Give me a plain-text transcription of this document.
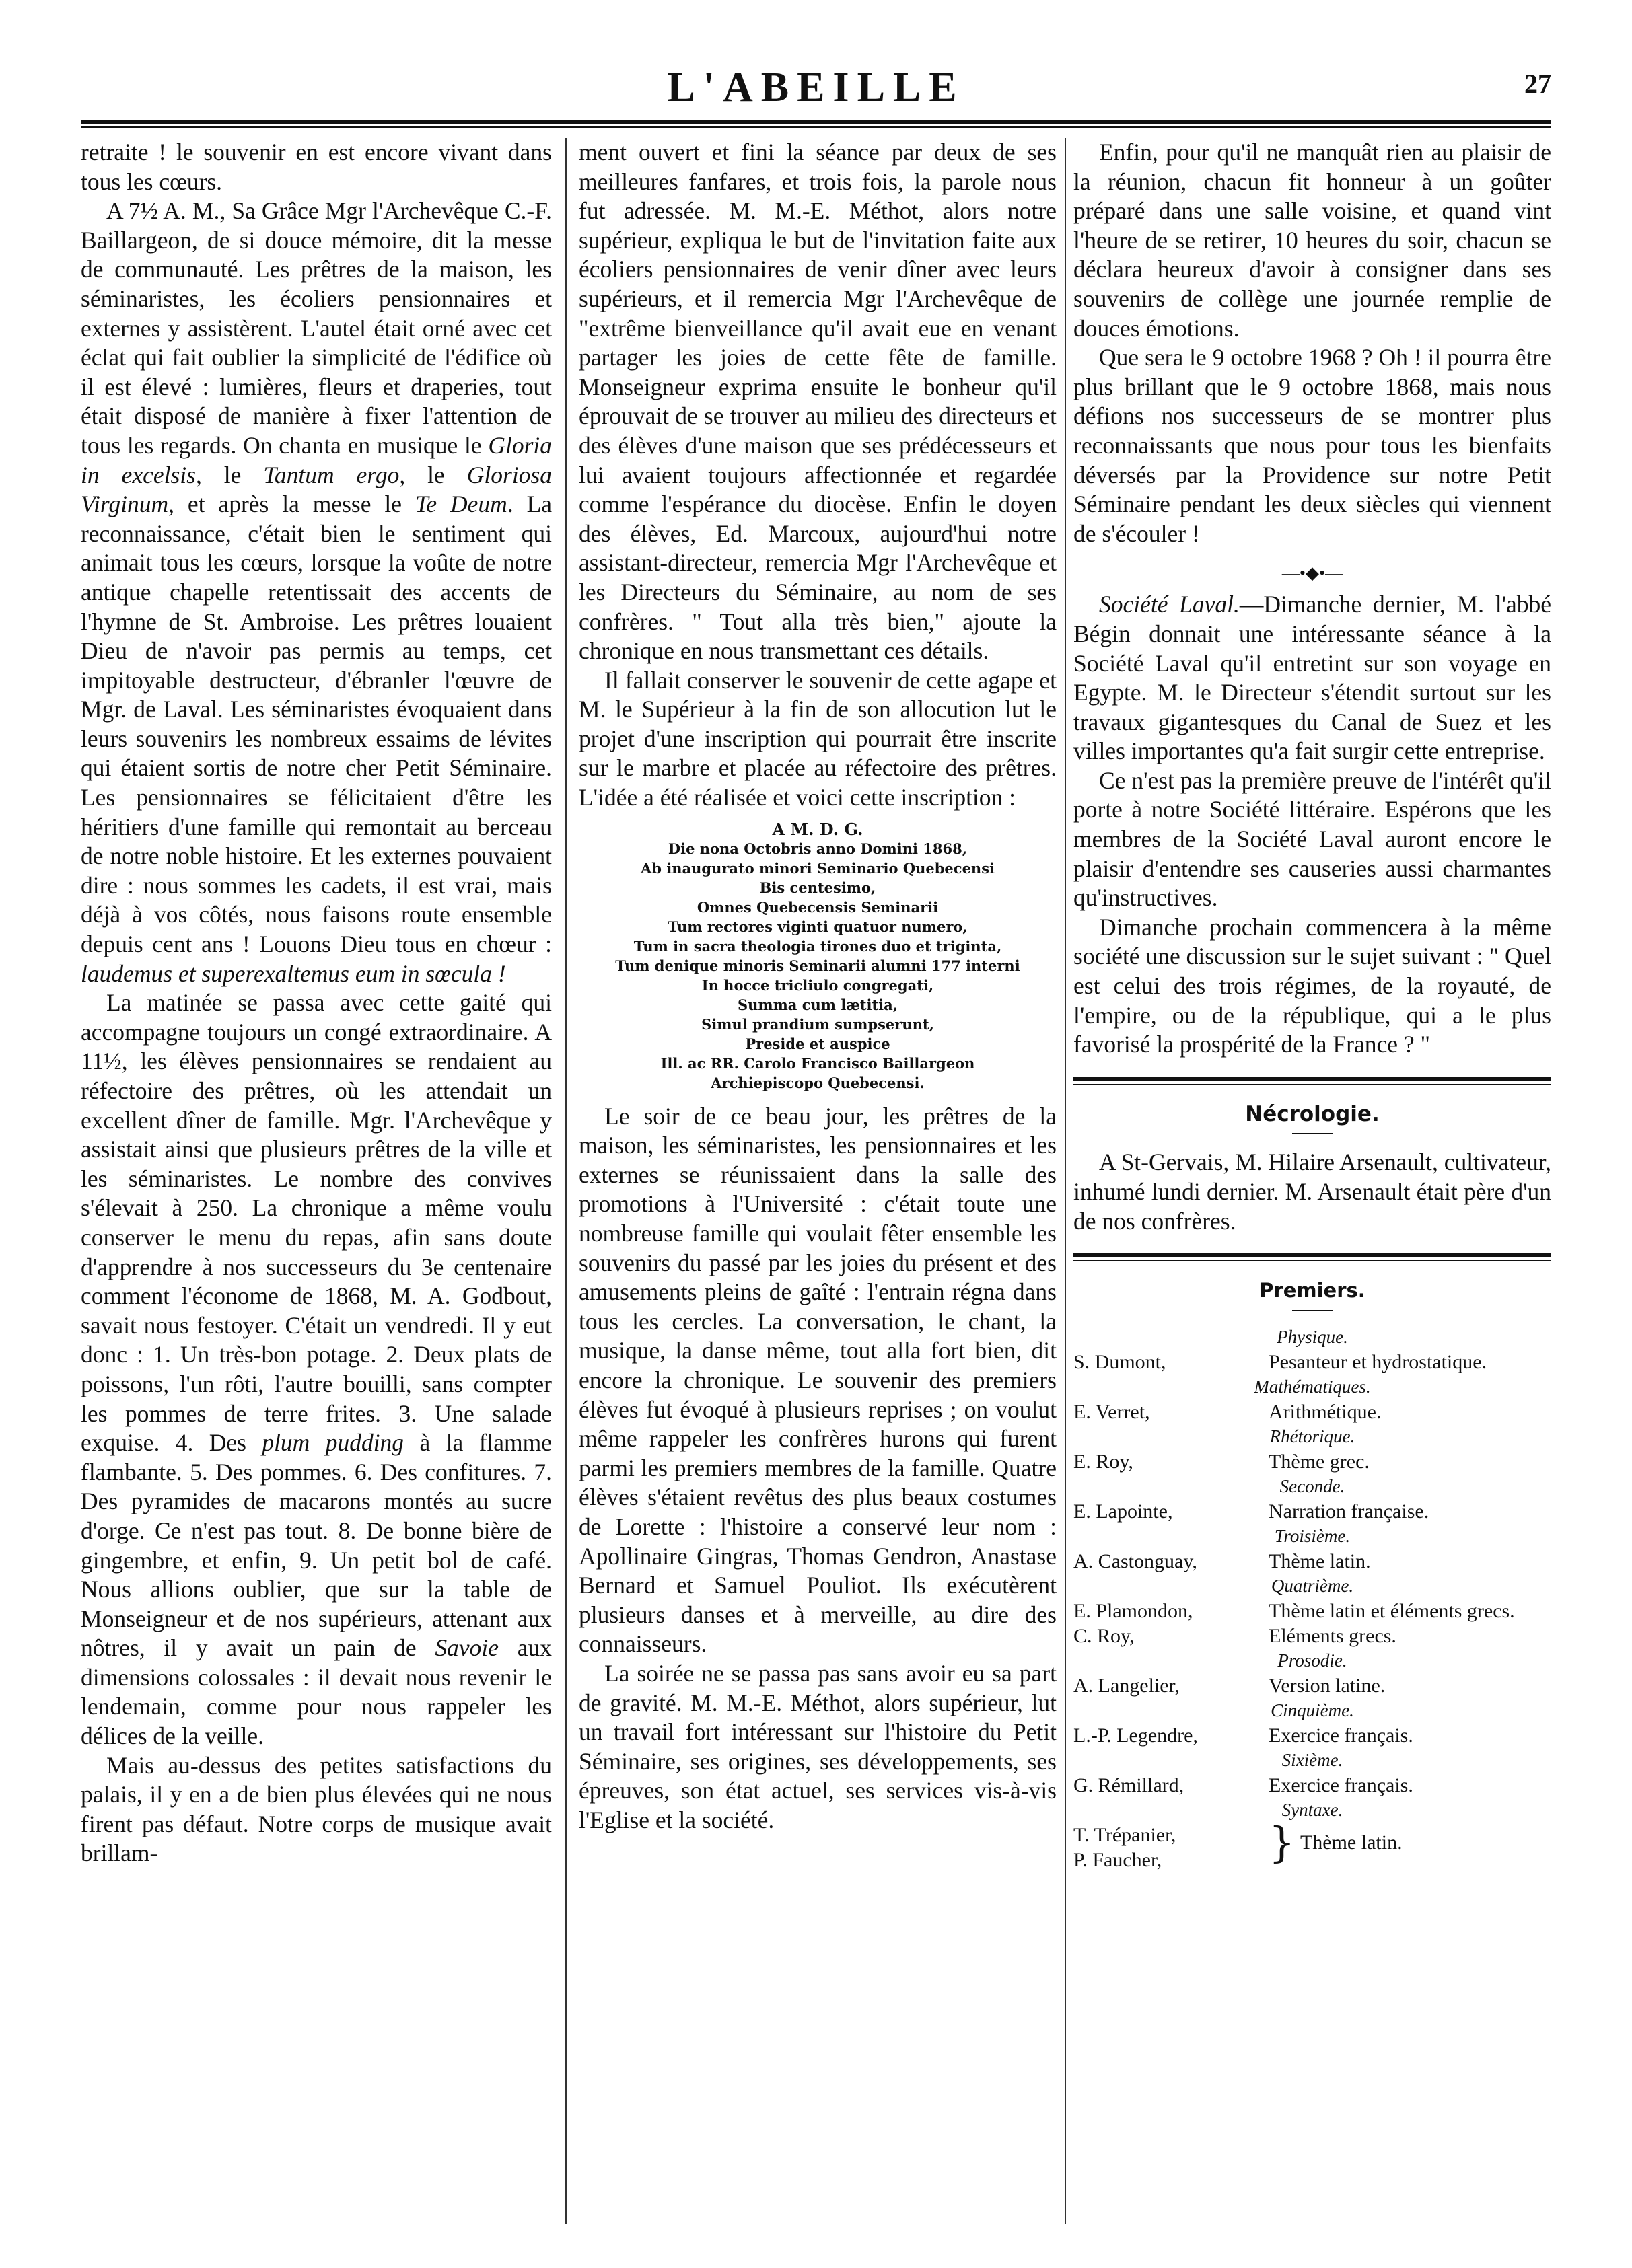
L'ABEILLE	27

retraite ! le souvenir en est encore vivant dans tous les cœurs.

A 7½ A. M., Sa Grâce Mgr l'Archevêque C.-F. Baillargeon, de si douce mémoire, dit la messe de communauté. Les prêtres de la maison, les séminaristes, les écoliers pensionnaires et externes y assistèrent. L'autel était orné avec cet éclat qui fait oublier la simplicité de l'édifice où il est élevé : lumières, fleurs et draperies, tout était disposé de manière à fixer l'attention de tous les regards. On chanta en musique le Gloria in excelsis, le Tantum ergo, le Gloriosa Virginum, et après la messe le Te Deum. La reconnaissance, c'était bien le sentiment qui animait tous les cœurs, lorsque la voûte de notre antique chapelle retentissait des accents de l'hymne de St. Ambroise. Les prêtres louaient Dieu de n'avoir pas permis au temps, cet impitoyable destructeur, d'ébranler l'œuvre de Mgr. de Laval. Les séminaristes évoquaient dans leurs souvenirs les nombreux essaims de lévites qui étaient sortis de notre cher Petit Séminaire. Les pensionnaires se félicitaient d'être les héritiers d'une famille qui remontait au berceau de notre noble histoire. Et les externes pouvaient dire : nous sommes les cadets, il est vrai, mais déjà à vos côtés, nous faisons route ensemble depuis cent ans ! Louons Dieu tous en chœur : laudemus et superexaltemus eum in sœcula !

La matinée se passa avec cette gaité qui accompagne toujours un congé extraordinaire. A 11½, les élèves pensionnaires se rendaient au réfectoire des prêtres, où les attendait un excellent dîner de famille. Mgr. l'Archevêque y assistait ainsi que plusieurs prêtres de la ville et les séminaristes. Le nombre des convives s'élevait à 250. La chronique a même voulu conserver le menu du repas, afin sans doute d'apprendre à nos successeurs du 3e centenaire comment l'économe de 1868, M. A. Godbout, savait nous festoyer. C'était un vendredi. Il y eut donc : 1. Un très-bon potage. 2. Deux plats de poissons, l'un rôti, l'autre bouilli, sans compter les pommes de terre frites. 3. Une salade exquise. 4. Des plum pudding à la flamme flambante. 5. Des pommes. 6. Des confitures. 7. Des pyramides de macarons montés au sucre d'orge. Ce n'est pas tout. 8. De bonne bière de gingembre, et enfin, 9. Un petit bol de café. Nous allions oublier, que sur la table de Monseigneur et de nos supérieurs, attenant aux nôtres, il y avait un pain de Savoie aux dimensions colossales : il devait nous revenir le lendemain, comme pour nous rappeler les délices de la veille.

Mais au-dessus des petites satisfactions du palais, il y en a de bien plus élevées qui ne nous firent pas défaut. Notre corps de musique avait brillam-

ment ouvert et fini la séance par deux de ses meilleures fanfares, et trois fois, la parole nous fut adressée. M. M.-E. Méthot, alors notre supérieur, expliqua le but de l'invitation faite aux écoliers pensionnaires de venir dîner avec leurs supérieurs, et il remercia Mgr l'Archevêque de "extrême bienveillance qu'il avait eue en venant partager les joies de cette fête de famille. Monseigneur exprima ensuite le bonheur qu'il éprouvait de se trouver au milieu des directeurs et des élèves d'une maison que ses prédécesseurs et lui avaient toujours affectionnée et regardée comme l'espérance du diocèse. Enfin le doyen des élèves, Ed. Marcoux, aujourd'hui notre assistant-directeur, remercia Mgr l'Archevêque et les Directeurs du Séminaire, au nom de ses confrères. " Tout alla très bien," ajoute la chronique en nous transmettant ces détails.

Il fallait conserver le souvenir de cette agape et M. le Supérieur à la fin de son allocution lut le projet d'une inscription qui pourrait être inscrite sur le marbre et placée au réfectoire des prêtres. L'idée a été réalisée et voici cette inscription :

A M. D. G.
Die nona Octobris anno Domini 1868,
Ab inaugurato minori Seminario Quebecensi
Bis centesimo,
Omnes Quebecensis Seminarii
Tum rectores viginti quatuor numero,
Tum in sacra theologia tirones duo et triginta,
Tum denique minoris Seminarii alumni 177 interni
In hocce tricliulo congregati,
Summa cum lætitia,
Simul prandium sumpserunt,
Preside et auspice
Ill. ac RR. Carolo Francisco Baillargeon
Archiepiscopo Quebecensi.

Le soir de ce beau jour, les prêtres de la maison, les séminaristes, les pensionnaires et les externes se réunissaient dans la salle des promotions à l'Université : c'était toute une nombreuse famille qui voulait fêter ensemble les souvenirs du passé par les joies du présent et des amusements pleins de gaîté : l'entrain régna dans tous les cercles. La conversation, le chant, la musique, la danse même, tout alla fort bien, dit encore la chronique. Le souvenir des premiers élèves fut évoqué à plusieurs reprises ; on voulut même rappeler les confrères hurons qui furent parmi les premiers membres de la famille. Quatre élèves s'étaient revêtus des plus beaux costumes de Lorette : l'histoire a conservé leur nom : Apollinaire Gingras, Thomas Gendron, Anastase Bernard et Samuel Pouliot. Ils exécutèrent plusieurs danses et à merveille, au dire des connaisseurs.

La soirée ne se passa pas sans avoir eu sa part de gravité. M. M.-E. Méthot, alors supérieur, lut un travail fort intéressant sur l'histoire du Petit Séminaire, ses origines, ses développements, ses épreuves, son état actuel, ses services vis-à-vis l'Eglise et la société.

Enfin, pour qu'il ne manquât rien au plaisir de la réunion, chacun fit honneur à un goûter préparé dans une salle voisine, et quand vint l'heure de se retirer, 10 heures du soir, chacun se déclara heureux d'avoir à consigner dans ses souvenirs de collège une journée remplie de douces émotions.

Que sera le 9 octobre 1968 ? Oh ! il pourra être plus brillant que le 9 octobre 1868, mais nous défions nos successeurs de se montrer plus reconnaissants que nous pour tous les bienfaits déversés par la Providence sur notre Petit Séminaire pendant les deux siècles qui viennent de s'écouler !

—•◆•—

Société Laval.—Dimanche dernier, M. l'abbé Bégin donnait une intéressante séance à la Société Laval qu'il entretint sur son voyage en Egypte. M. le Directeur s'étendit surtout sur les travaux gigantesques du Canal de Suez et les villes importantes qu'a fait surgir cette entreprise.

Ce n'est pas la première preuve de l'intérêt qu'il porte à notre Société littéraire. Espérons que les membres de la Société Laval auront encore le plaisir d'entendre ses causeries aussi charmantes qu'instructives.

Dimanche prochain commencera à la même société une discussion sur le sujet suivant : " Quel est celui des trois régimes, de la royauté, de l'empire, ou de la république, qui a le plus favorisé la prospérité de la France ? "

Nécrologie.

A St-Gervais, M. Hilaire Arsenault, cultivateur, inhumé lundi dernier. M. Arsenault était père d'un de nos confrères.

Premiers.
Physique.	
S. Dumont,	Pesanteur et hydrostatique.
Mathématiques.	
E. Verret,	Arithmétique.
Rhétorique.	
E. Roy,	Thème grec.
Seconde.	
E. Lapointe,	Narration française.
Troisième.	
A. Castonguay,	Thème latin.
Quatrième.	
E. Plamondon,	Thème latin et éléments grecs.
C. Roy,	Eléments grecs.
Prosodie.	
A. Langelier,	Version latine.
Cinquième.	
L.-P. Legendre,	Exercice français.
Sixième.	
G. Rémillard,	Exercice français.
Syntaxe.	

T. Trépanier,
P. Faucher,	} Thème latin.
